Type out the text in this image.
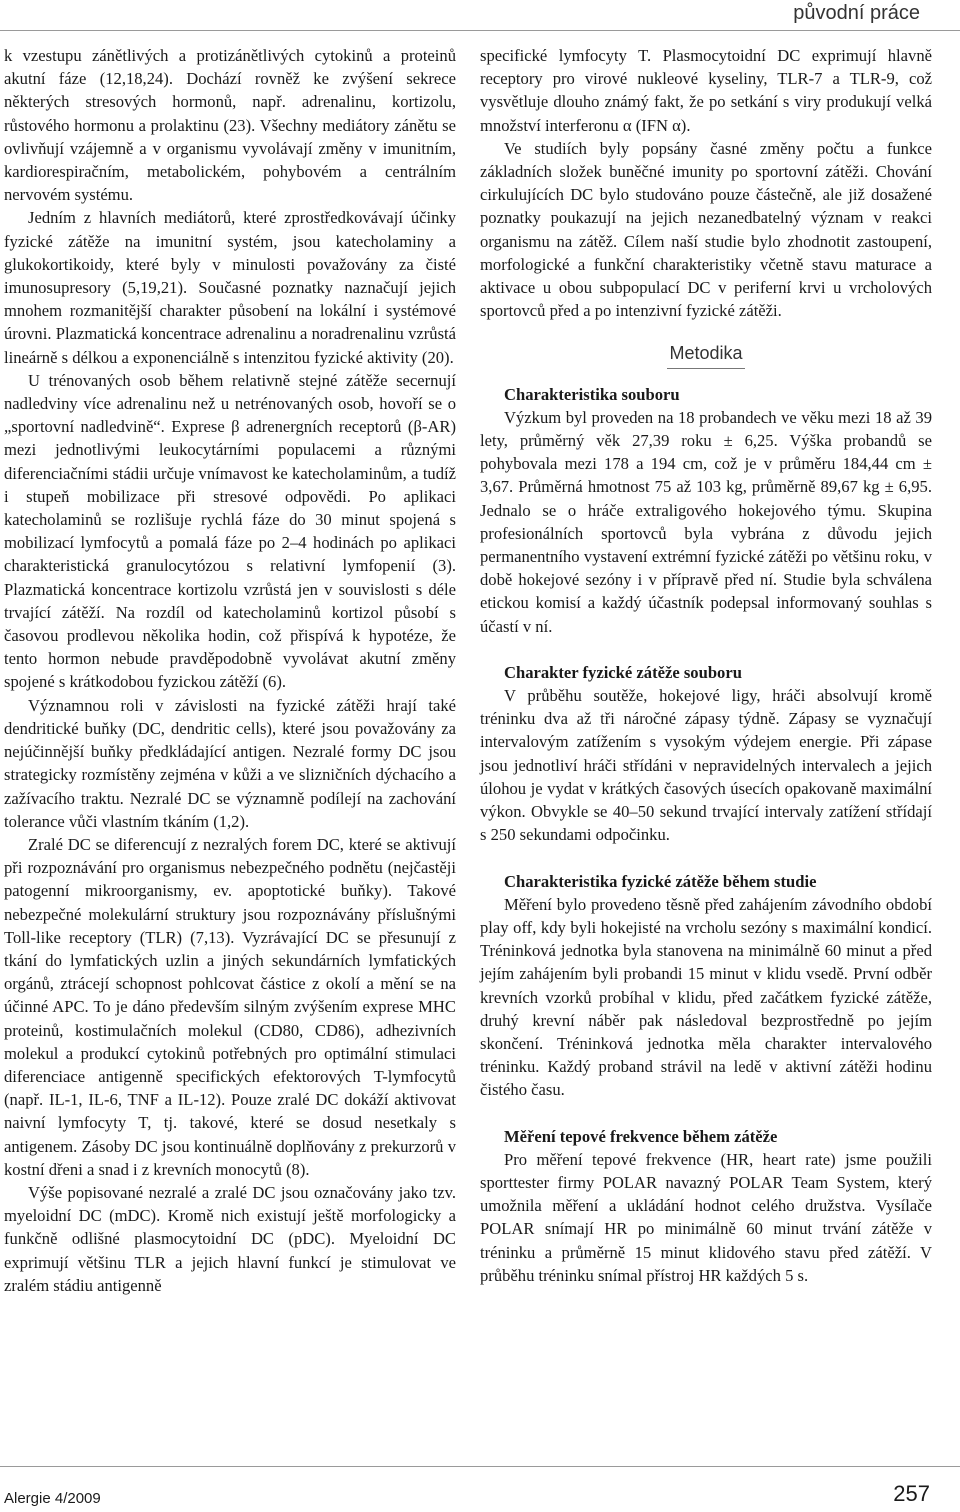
původní práce

k vzestupu zánětlivých a protizánětlivých cytokinů a proteinů akutní fáze (12,18,24). Dochází rovněž ke zvýšení sekrece některých stresových hormonů, např. adrenalinu, kortizolu, růstového hormonu a prolaktinu (23). Všechny mediátory zánětu se ovlivňují vzájemně a v organismu vyvolávají změny v imunitním, kardiorespiračním, metabolickém, pohybovém a centrálním nervovém systému.

Jedním z hlavních mediátorů, které zprostředkovávají účinky fyzické zátěže na imunitní systém, jsou katecholaminy a glukokortikoidy, které byly v minulosti považovány za čisté imunosupresory (5,19,21). Současné poznatky naznačují jejich mnohem rozmanitější charakter působení na lokální i systémové úrovni. Plazmatická koncentrace adrenalinu a noradrenalinu vzrůstá lineárně s délkou a exponenciálně s intenzitou fyzické aktivity (20).

U trénovaných osob během relativně stejné zátěže secernují nadledviny více adrenalinu než u netrénovaných osob, hovoří se o „sportovní nadledvině“. Exprese β adrenergních receptorů (β-AR) mezi jednotlivými leukocytárními populacemi a různými diferenciačními stádii určuje vnímavost ke katecholaminům, a tudíž i stupeň mobilizace při stresové odpovědi. Po aplikaci katecholaminů se rozlišuje rychlá fáze do 30 minut spojená s mobilizací lymfocytů a pomalá fáze po 2–4 hodinách po aplikaci charakteristická granulocytózou s relativní lymfopenií (3). Plazmatická koncentrace kortizolu vzrůstá jen v souvislosti s déle trvající zátěží. Na rozdíl od katecholaminů kortizol působí s časovou prodlevou několika hodin, což přispívá k hypotéze, že tento hormon nebude pravděpodobně vyvolávat akutní změny spojené s krátkodobou fyzickou zátěží (6).

Významnou roli v závislosti na fyzické zátěži hrají také dendritické buňky (DC, dendritic cells), které jsou považovány za nejúčinnější buňky předkládající antigen. Nezralé formy DC jsou strategicky rozmístěny zejména v kůži a ve slizničních dýchacího a zažívacího traktu. Nezralé DC se významně podílejí na zachování tolerance vůči vlastním tkáním (1,2).

Zralé DC se diferencují z nezralých forem DC, které se aktivují při rozpoznávání pro organismus nebezpečného podnětu (nejčastěji patogenní mikroorganismy, ev. apoptotické buňky). Takové nebezpečné molekulární struktury jsou rozpoznávány příslušnými Toll-like receptory (TLR) (7,13). Vyzrávající DC se přesunují z tkání do lymfatických uzlin a jiných sekundárních lymfatických orgánů, ztrácejí schopnost pohlcovat částice z okolí a mění se na účinné APC. To je dáno především silným zvýšením exprese MHC proteinů, kostimulačních molekul (CD80, CD86), adhezivních molekul a produkcí cytokinů potřebných pro optimální stimulaci diferenciace antigenně specifických efektorových T-lymfocytů (např. IL-1, IL-6, TNF a IL-12). Pouze zralé DC dokáží aktivovat naivní lymfocyty T, tj. takové, které se dosud nesetkaly s antigenem. Zásoby DC jsou kontinuálně doplňovány z prekurzorů v kostní dřeni a snad i z krevních monocytů (8).

Výše popisované nezralé a zralé DC jsou označovány jako tzv. myeloidní DC (mDC). Kromě nich existují ještě morfologicky a funkčně odlišné plasmocytoidní DC (pDC). Myeloidní DC exprimují většinu TLR a jejich hlavní funkcí je stimulovat ve zralém stádiu antigenně

specifické lymfocyty T. Plasmocytoidní DC exprimují hlavně receptory pro virové nukleové kyseliny, TLR-7 a TLR-9, což vysvětluje dlouho známý fakt, že po setkání s viry produkují velká množství interferonu α (IFN α).

Ve studiích byly popsány časné změny počtu a funkce základních složek buněčné imunity po sportovní zátěži. Chování cirkulujících DC bylo studováno pouze částečně, ale již dosažené poznatky poukazují na jejich nezanedbatelný význam v reakci organismu na zátěž. Cílem naší studie bylo zhodnotit zastoupení, morfologické a funkční charakteristiky včetně stavu maturace a aktivace u obou subpopulací DC v periferní krvi u vrcholových sportovců před a po intenzivní fyzické zátěži.

Metodika

Charakteristika souboru

Výzkum byl proveden na 18 probandech ve věku mezi 18 až 39 lety, průměrný věk 27,39 roku ± 6,25. Výška probandů se pohybovala mezi 178 a 194 cm, což je v průměru 184,44 cm ± 3,67. Průměrná hmotnost 75 až 103 kg, průměrně 89,67 kg ± 6,95. Jednalo se o hráče extraligového hokejového týmu. Skupina profesionálních sportovců byla vybrána z důvodu jejich permanentního vystavení extrémní fyzické zátěži po většinu roku, v době hokejové sezóny i v přípravě před ní. Studie byla schválena etickou komisí a každý účastník podepsal informovaný souhlas s účastí v ní.

Charakter fyzické zátěže souboru

V průběhu soutěže, hokejové ligy, hráči absolvují kromě tréninku dva až tři náročné zápasy týdně. Zápasy se vyznačují intervalovým zatížením s vysokým výdejem energie. Při zápase jsou jednotliví hráči střídáni v nepravidelných intervalech a jejich úlohou je vydat v krátkých časových úsecích opakovaně maximální výkon. Obvykle se 40–50 sekund trvající intervaly zatížení střídají s 250 sekundami odpočinku.

Charakteristika fyzické zátěže během studie

Měření bylo provedeno těsně před zahájením závodního období play off, kdy byli hokejisté na vrcholu sezóny s maximální kondicí. Tréninková jednotka byla stanovena na minimálně 60 minut a před jejím zahájením byli probandi 15 minut v klidu vsedě. První odběr krevních vzorků probíhal v klidu, před začátkem fyzické zátěže, druhý krevní náběr pak následoval bezprostředně po jejím skončení. Tréninková jednotka měla charakter intervalového tréninku. Každý proband strávil na ledě v aktivní zátěži hodinu čistého času.

Měření tepové frekvence během zátěže

Pro měření tepové frekvence (HR, heart rate) jsme použili sporttester firmy POLAR navazný POLAR Team System, který umožnila měření a ukládání hodnot celého družstva. Vysílače POLAR snímají HR po minimálně 60 minut trvání zátěže v tréninku a průměrně 15 minut klidového stavu před zátěží. V průběhu tréninku snímal přístroj HR každých 5 s.

Alergie 4/2009	257
